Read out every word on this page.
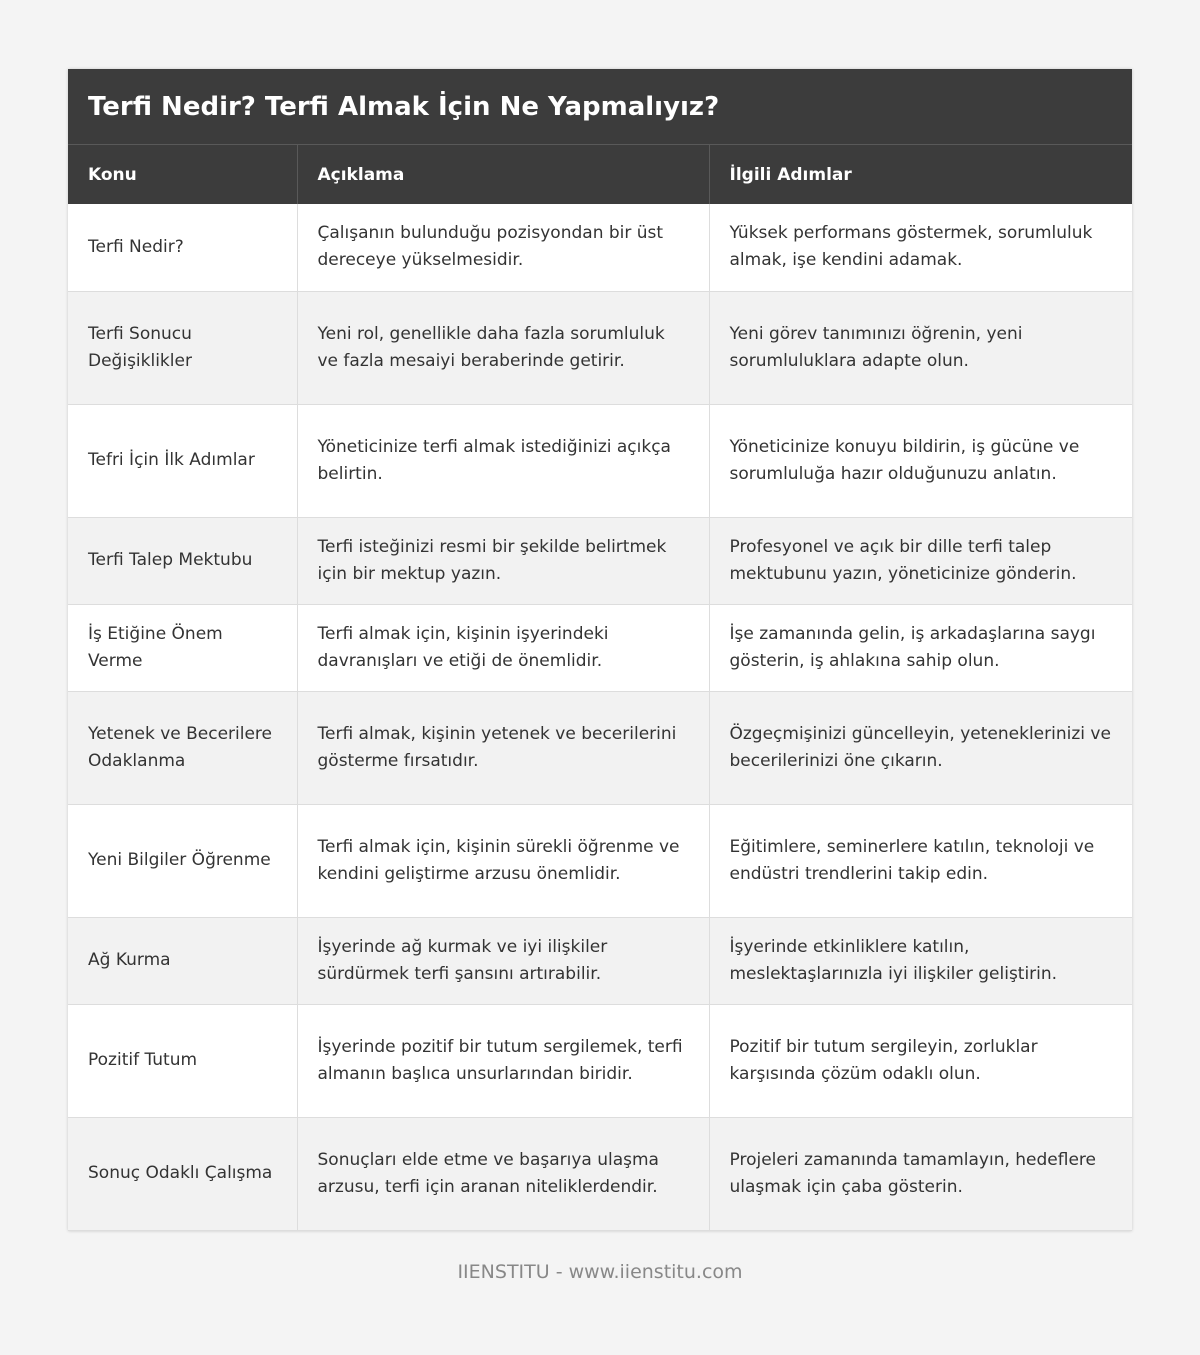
Terfi Nedir? Terfi Almak İçin Ne Yapmalıyız?
Konu	Açıklama	İlgili Adımlar
Terfi Nedir?	Çalışanın bulunduğu pozisyondan bir üst dereceye yükselmesidir.	Yüksek performans göstermek, sorumluluk almak, işe kendini adamak.
Terfi Sonucu Değişiklikler	Yeni rol, genellikle daha fazla sorumluluk ve fazla mesaiyi beraberinde getirir.	Yeni görev tanımınızı öğrenin, yeni sorumluluklara adapte olun.
Tefri İçin İlk Adımlar	Yöneticinize terfi almak istediğinizi açıkça belirtin.	Yöneticinize konuyu bildirin, iş gücüne ve sorumluluğa hazır olduğunuzu anlatın.
Terfi Talep Mektubu	Terfi isteğinizi resmi bir şekilde belirtmek için bir mektup yazın.	Profesyonel ve açık bir dille terfi talep mektubunu yazın, yöneticinize gönderin.
İş Etiğine Önem Verme	Terfi almak için, kişinin işyerindeki davranışları ve etiği de önemlidir.	İşe zamanında gelin, iş arkadaşlarına saygı gösterin, iş ahlakına sahip olun.
Yetenek ve Becerilere Odaklanma	Terfi almak, kişinin yetenek ve becerilerini gösterme fırsatıdır.	Özgeçmişinizi güncelleyin, yeteneklerinizi ve becerilerinizi öne çıkarın.
Yeni Bilgiler Öğrenme	Terfi almak için, kişinin sürekli öğrenme ve kendini geliştirme arzusu önemlidir.	Eğitimlere, seminerlere katılın, teknoloji ve endüstri trendlerini takip edin.
Ağ Kurma	İşyerinde ağ kurmak ve iyi ilişkiler sürdürmek terfi şansını artırabilir.	İşyerinde etkinliklere katılın, meslektaşlarınızla iyi ilişkiler geliştirin.
Pozitif Tutum	İşyerinde pozitif bir tutum sergilemek, terfi almanın başlıca unsurlarından biridir.	Pozitif bir tutum sergileyin, zorluklar karşısında çözüm odaklı olun.
Sonuç Odaklı Çalışma	Sonuçları elde etme ve başarıya ulaşma arzusu, terfi için aranan niteliklerdendir.	Projeleri zamanında tamamlayın, hedeflere ulaşmak için çaba gösterin.
IIENSTITU - www.iienstitu.com
